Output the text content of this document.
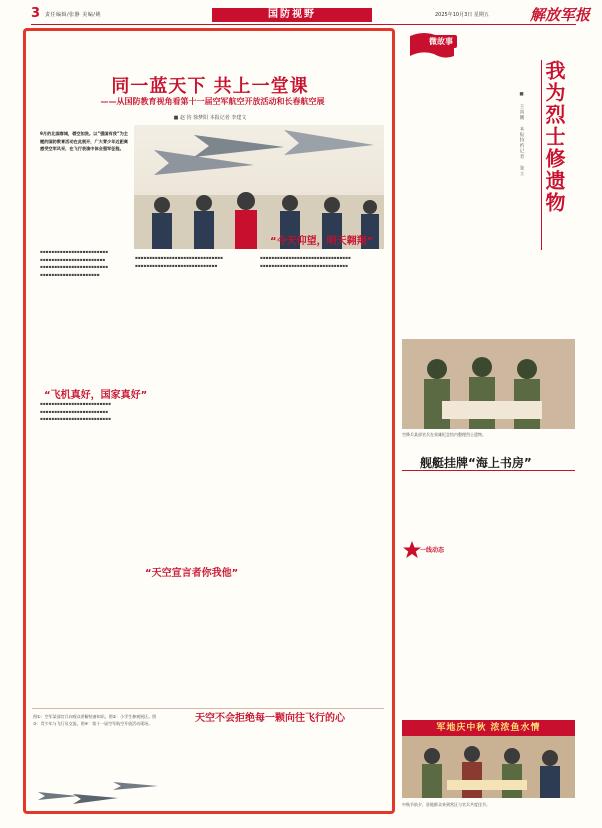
3 责任编辑/张静 美编/姚	国防视野	2025年10月3日 星期五	解放军报
同一蓝天下 共上一堂课
——从国防教育视角看第十一届空军航空开放活动和长春航空展
■ 赵 钧 徐梦阳 本报记者 李建文
9月的北国春城，碧空如洗。以“强国有我”为主题的国防教育活动在此展开，广大青少年近距离感受空军风采，在飞行表演中体会强军征程。
▪▪▪▪▪▪▪▪▪▪▪▪▪▪▪▪▪▪▪▪▪▪▪▪
▪▪▪▪▪▪▪▪▪▪▪▪▪▪▪▪▪▪▪▪▪▪▪
▪▪▪▪▪▪▪▪▪▪▪▪▪▪▪▪▪▪▪▪▪▪▪▪
▪▪▪▪▪▪▪▪▪▪▪▪▪▪▪▪▪▪▪▪▪
“飞机真好，国家真好”
“天空宣言者你我他”
“今天仰望，明天翱翔”
▪▪▪▪▪▪▪▪▪▪▪▪▪▪▪▪▪▪▪▪▪▪▪▪▪
▪▪▪▪▪▪▪▪▪▪▪▪▪▪▪▪▪▪▪▪▪▪▪▪
▪▪▪▪▪▪▪▪▪▪▪▪▪▪▪▪▪▪▪▪▪▪▪▪▪
▪▪▪▪▪▪▪▪▪▪▪▪▪▪▪▪▪▪▪▪▪▪▪▪▪▪▪▪▪▪▪
▪▪▪▪▪▪▪▪▪▪▪▪▪▪▪▪▪▪▪▪▪▪▪▪▪▪▪▪▪
▪▪▪▪▪▪▪▪▪▪▪▪▪▪▪▪▪▪▪▪▪▪▪▪▪▪▪▪▪▪▪▪
▪▪▪▪▪▪▪▪▪▪▪▪▪▪▪▪▪▪▪▪▪▪▪▪▪▪▪▪▪▪▪
天空不会拒绝每一颗向往飞行的心
图①：空军某部官兵向观众讲解装备知识。图②：小学生参观展区。图③：青少年与飞行员交流。图④：第十一届空军航空开放活动现场。
微故事
我为烈士修遗物
■ 王尚鹏 本报特约记者 张立
空降兵某部官兵在英雄纪念馆内整理烈士遗物。
舰艇挂牌“海上书房”
一线动态
军地庆中秋 浓浓鱼水情
中秋节前夕，驻地群众来到营区与官兵共度佳节。
